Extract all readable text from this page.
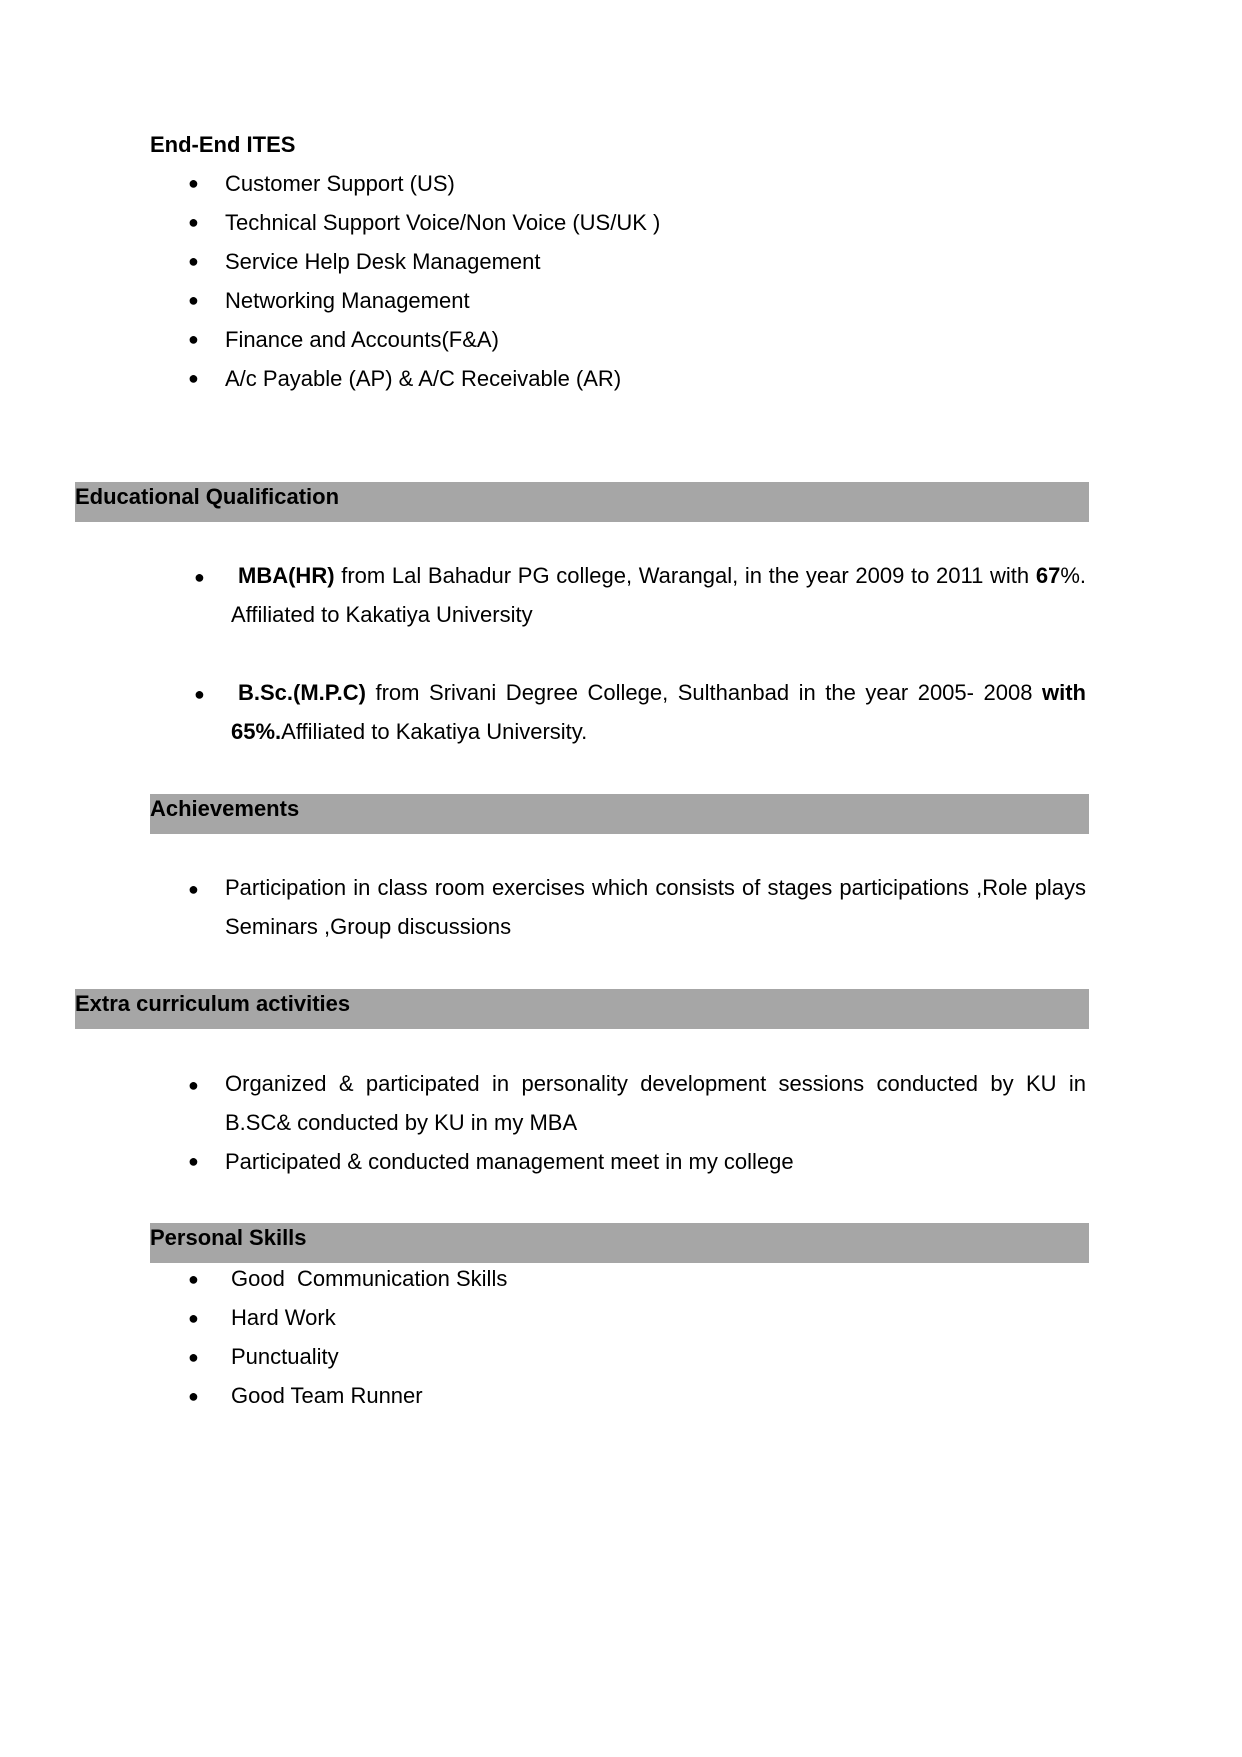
End-End ITES
● Customer Support (US)
● Technical Support Voice/Non Voice (US/UK )
● Service Help Desk Management
● Networking Management
● Finance and Accounts(F&A)
● A/c Payable (AP) & A/C Receivable (AR)
Educational Qualification
● MBA(HR) from Lal Bahadur PG college, Warangal, in the year 2009 to 2011 with 67%.
Affiliated to Kakatiya University
● B.Sc.(M.P.C) from Srivani Degree College, Sulthanbad in the year 2005- 2008 with
65%.Affiliated to Kakatiya University.
Achievements
● Participation in class room exercises which consists of stages participations ,Role plays
Seminars ,Group discussions
Extra curriculum activities
● Organized & participated in personality development sessions conducted by KU in
B.SC& conducted by KU in my MBA
● Participated & conducted management meet in my college
Personal Skills
● Good  Communication Skills
● Hard Work
● Punctuality
● Good Team Runner
